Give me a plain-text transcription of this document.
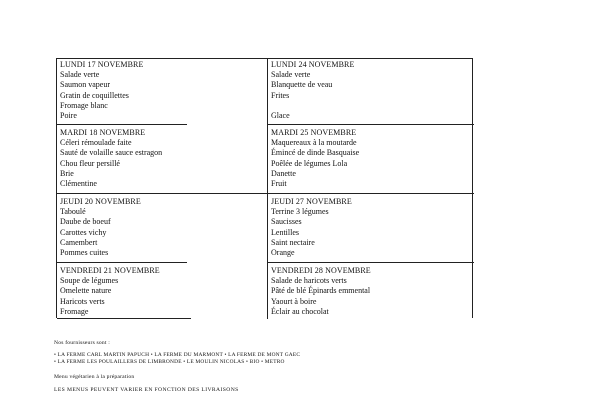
LUNDI 17 NOVEMBRE
Salade verte
Saumon vapeur
Gratin de coquillettes
Fromage blanc
Poire
LUNDI 24 NOVEMBRE
Salade verte
Blanquette de veau
Frites
Glace
MARDI 18 NOVEMBRE
Céleri rémoulade faite
Sauté de volaille sauce estragon
Chou fleur persillé
Brie
Clémentine
MARDI 25 NOVEMBRE
Maquereaux à la moutarde
Émincé de dinde Basquaise
Poêlée de légumes Lola
Danette
Fruit
JEUDI 20 NOVEMBRE
Taboulé
Daube de boeuf
Carottes vichy
Camembert
Pommes cuites
JEUDI 27 NOVEMBRE
Terrine 3 légumes
Saucisses
Lentilles
Saint nectaire
Orange
VENDREDI 21 NOVEMBRE
Soupe de légumes
Omelette nature
Haricots verts
Fromage
VENDREDI 28 NOVEMBRE
Salade de haricots verts
Pâté de blé Épinards emmental
Yaourt à boire
Éclair au chocolat
Nos fournisseurs sont :
• LA FERME CARL MARTIN PAPUCH • LA FERME DU MARMONT • LA FERME DE MONT GAEC
• LA FERME LES POULAILLERS DE LIMBRONDE • LE MOULIN NICOLAS • BIO • METRO
Menu végétarien à la préparation
LES MENUS PEUVENT VARIER EN FONCTION DES LIVRAISONS
